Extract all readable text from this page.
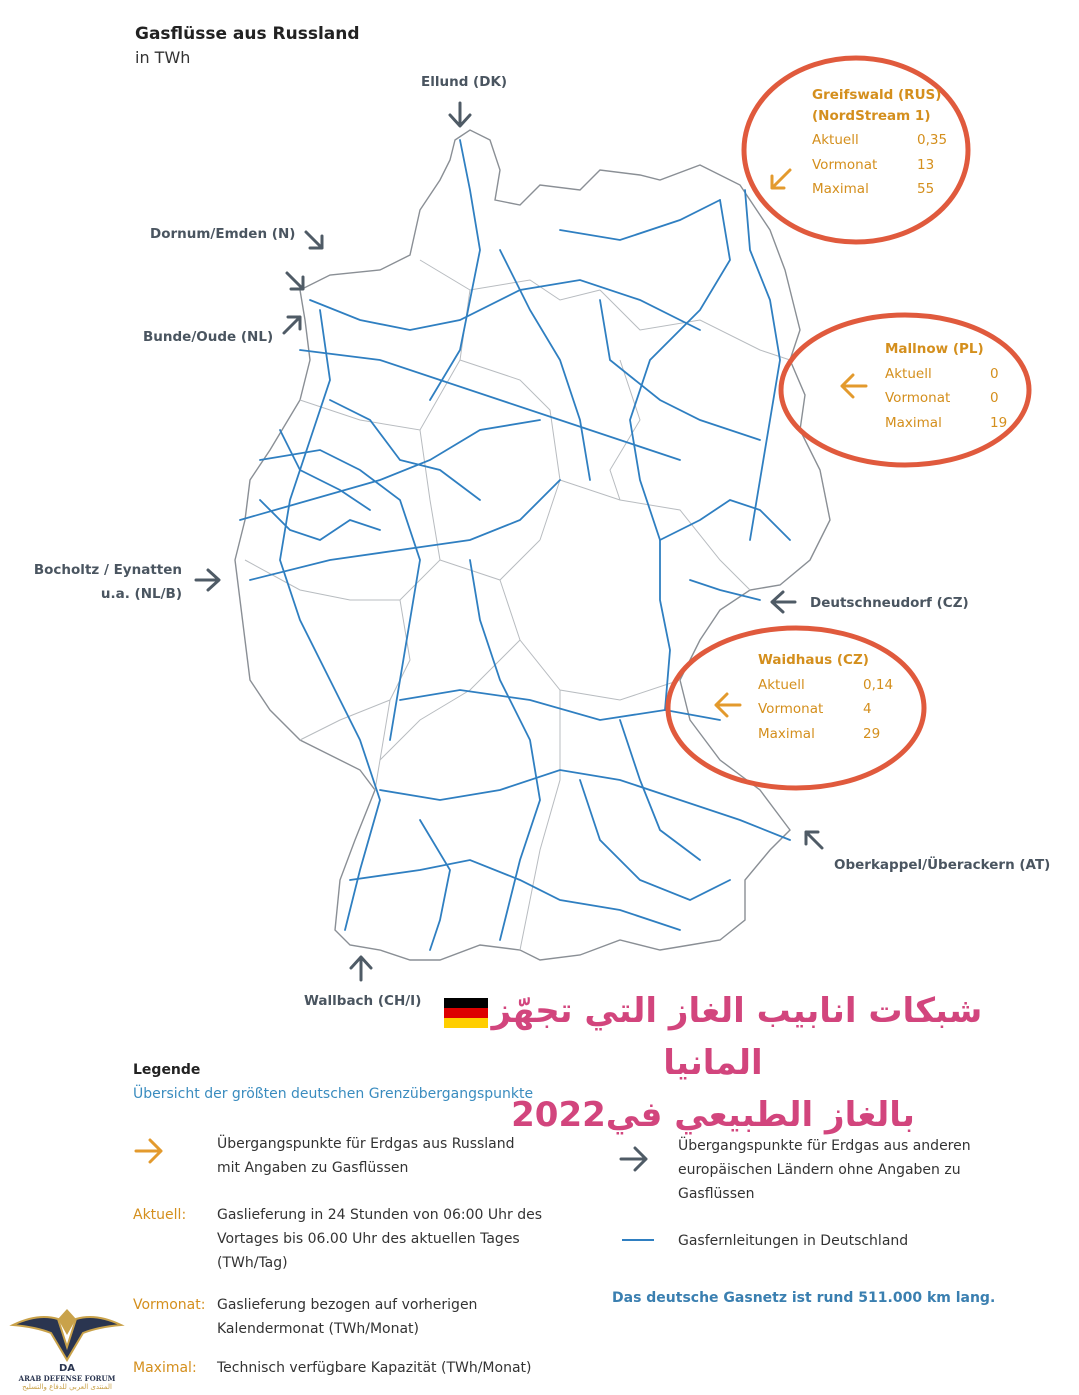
Gasflüsse aus Russland
in TWh
Ellund (DK)
Dornum/Emden (N)
Bunde/Oude (NL)
Bocholtz / Eynatten
u.a. (NL/B)
Deutschneudorf (CZ)
Oberkappel/Überackern (AT)
Wallbach (CH/I)
Greifswald (RUS)
(NordStream 1)
Aktuell	0,35
Vormonat	13
Maximal	55
Mallnow (PL)
Aktuell	0
Vormonat	0
Maximal	19
Waidhaus (CZ)
Aktuell	0,14
Vormonat	4
Maximal	29
شبكات انابيب الغاز التي تجهّز المانيا
بالغاز الطبيعي في2022
Legende
Übersicht der größten deutschen Grenzübergangspunkte
Übergangspunkte für Erdgas aus Russland
mit Angaben zu Gasflüssen
Übergangspunkte für Erdgas aus anderen
europäischen Ländern ohne Angaben zu
Gasflüssen
Aktuell: Gaslieferung in 24 Stunden von 06:00 Uhr des
Vortages bis 06.00 Uhr des aktuellen Tages
(TWh/Tag)
Gasfernleitungen in Deutschland
Vormonat: Gaslieferung bezogen auf vorherigen
Kalendermonat (TWh/Monat)
Das deutsche Gasnetz ist rund 511.000 km lang.
Maximal: Technisch verfügbare Kapazität (TWh/Monat)
DA
ARAB DEFENSE FORUM
المنتدى العربي للدفاع والتسليح
